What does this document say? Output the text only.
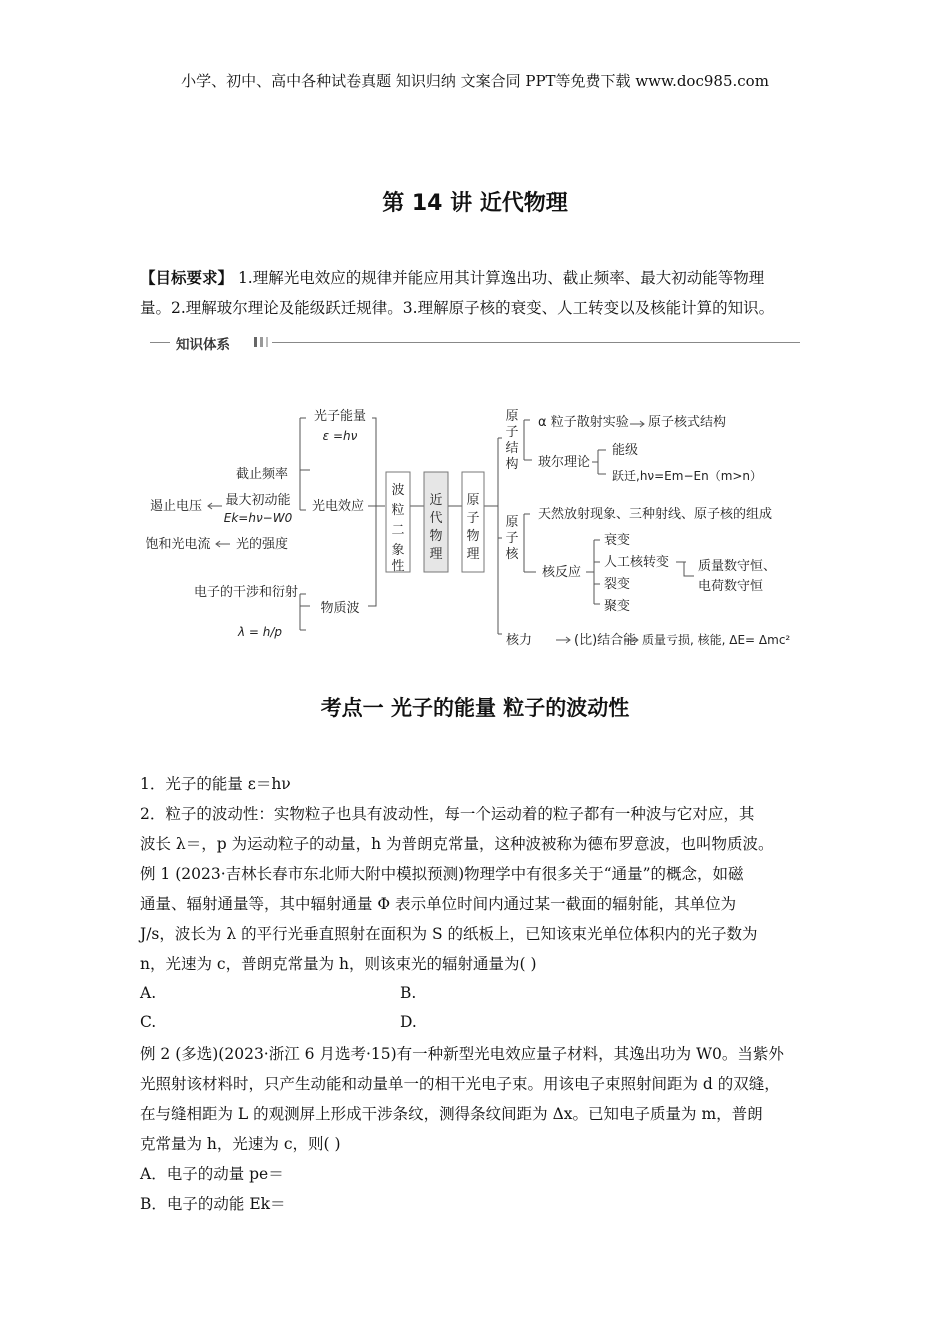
小学、初中、高中各种试卷真题 知识归纳 文案合同 PPT等免费下载 www.doc985.com
第 14 讲 近代物理
【目标要求】 1.理解光电效应的规律并能应用其计算逸出功、截止频率、最大初动能等物理
量。2.理解玻尔理论及能级跃迁规律。3.理解原子核的衰变、人工转变以及核能计算的知识。
知识体系
光子能量
ε =hν
截止频率
最大初动能
Ek=hν−W0
遏止电压
饱和光电流 光的强度
光电效应
电子的干涉和衍射
λ = h/p
物质波
波粒二象性
近代物理
原子物理
原子结构
原子核
α 粒子散射实验 原子核式结构
玻尔理论
能级
跃迁,hν=Em−En（m>n）
天然放射现象、三种射线、原子核的组成
核反应
衰变
人工核转变
裂变
聚变
质量数守恒、
电荷数守恒
核力	(比)结合能 质量亏损, 核能, ΔE= Δmc²
考点一 光子的能量 粒子的波动性
1．光子的能量 ε＝hν
2．粒子的波动性：实物粒子也具有波动性，每一个运动着的粒子都有一种波与它对应，其
波长 λ＝，p 为运动粒子的动量，h 为普朗克常量，这种波被称为德布罗意波，也叫物质波。
例 1 (2023·吉林长春市东北师大附中模拟预测)物理学中有很多关于“通量”的概念，如磁
通量、辐射通量等，其中辐射通量 Φ 表示单位时间内通过某一截面的辐射能，其单位为
J/s，波长为 λ 的平行光垂直照射在面积为 S 的纸板上，已知该束光单位体积内的光子数为
n，光速为 c，普朗克常量为 h，则该束光的辐射通量为( )
A.	B.
C.	D.
例 2 (多选)(2023·浙江 6 月选考·15)有一种新型光电效应量子材料，其逸出功为 W0。当紫外
光照射该材料时，只产生动能和动量单一的相干光电子束。用该电子束照射间距为 d 的双缝，
在与缝相距为 L 的观测屏上形成干涉条纹，测得条纹间距为 Δx。已知电子质量为 m，普朗
克常量为 h，光速为 c，则( )
A．电子的动量 pe＝
B．电子的动能 Ek＝
